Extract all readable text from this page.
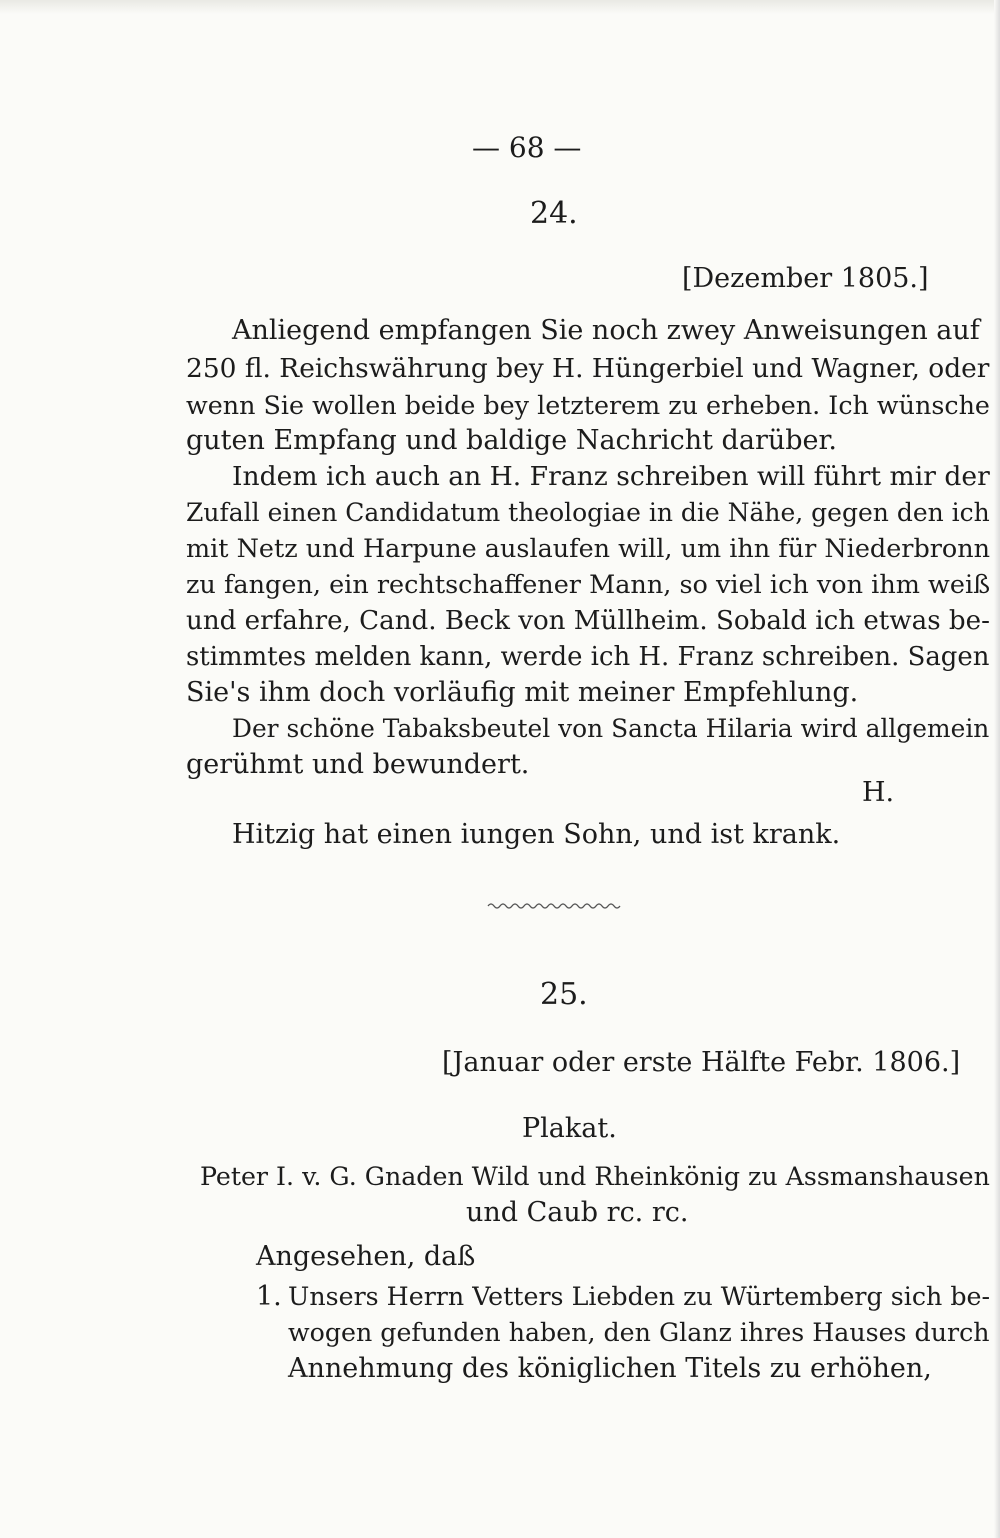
— 68 —
24.
[Dezember 1805.]
Anliegend empfangen Sie noch zwey Anweisungen auf
250 fl. Reichswährung bey H. Hüngerbiel und Wagner, oder
wenn Sie wollen beide bey letzterem zu erheben. Ich wünsche
guten Empfang und baldige Nachricht darüber.
Indem ich auch an H. Franz schreiben will führt mir der
Zufall einen Candidatum theologiae in die Nähe, gegen den ich
mit Netz und Harpune auslaufen will, um ihn für Niederbronn
zu fangen, ein rechtschaffener Mann, so viel ich von ihm weiß
und erfahre, Cand. Beck von Müllheim. Sobald ich etwas be-
stimmtes melden kann, werde ich H. Franz schreiben. Sagen
Sie's ihm doch vorläufig mit meiner Empfehlung.
Der schöne Tabaksbeutel von Sancta Hilaria wird allgemein
gerühmt und bewundert.
H.
Hitzig hat einen iungen Sohn, und ist krank.
25.
[Januar oder erste Hälfte Febr. 1806.]
Plakat.
Peter I. v. G. Gnaden Wild und Rheinkönig zu Assmanshausen
und Caub rc. rc.
Angesehen, daß
1. Unsers Herrn Vetters Liebden zu Würtemberg sich be-
wogen gefunden haben, den Glanz ihres Hauses durch
Annehmung des königlichen Titels zu erhöhen,
